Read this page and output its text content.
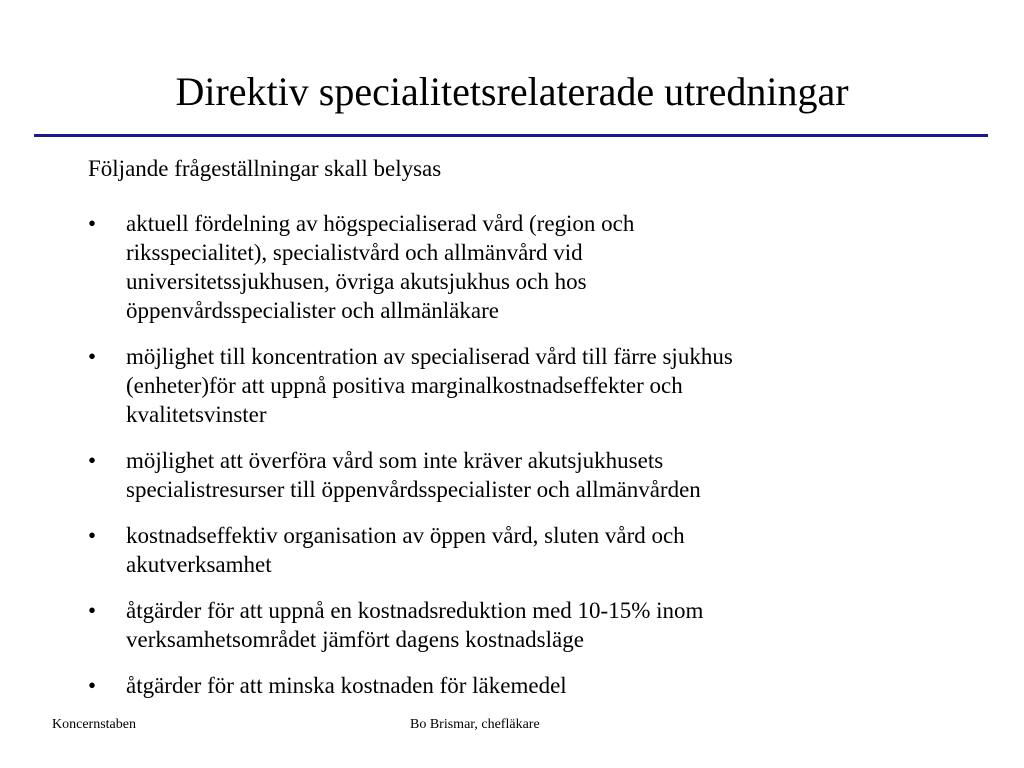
Direktiv specialitetsrelaterade utredningar
Följande frågeställningar skall belysas
•	aktuell fördelning av högspecialiserad vård (region och
riksspecialitet), specialistvård och allmänvård vid
universitetssjukhusen, övriga akutsjukhus och hos
öppenvårdsspecialister och allmänläkare
•	möjlighet till koncentration av specialiserad vård till färre sjukhus
(enheter)för att uppnå positiva marginalkostnadseffekter och
kvalitetsvinster
•	möjlighet att överföra vård som inte kräver akutsjukhusets
specialistresurser till öppenvårdsspecialister och allmänvården
•	kostnadseffektiv organisation av öppen vård, sluten vård och
akutverksamhet
•	åtgärder för att uppnå en kostnadsreduktion med 10-15% inom
verksamhetsområdet jämfört dagens kostnadsläge
•	åtgärder för att minska kostnaden för läkemedel
Koncernstaben	Bo Brismar, chefläkare
